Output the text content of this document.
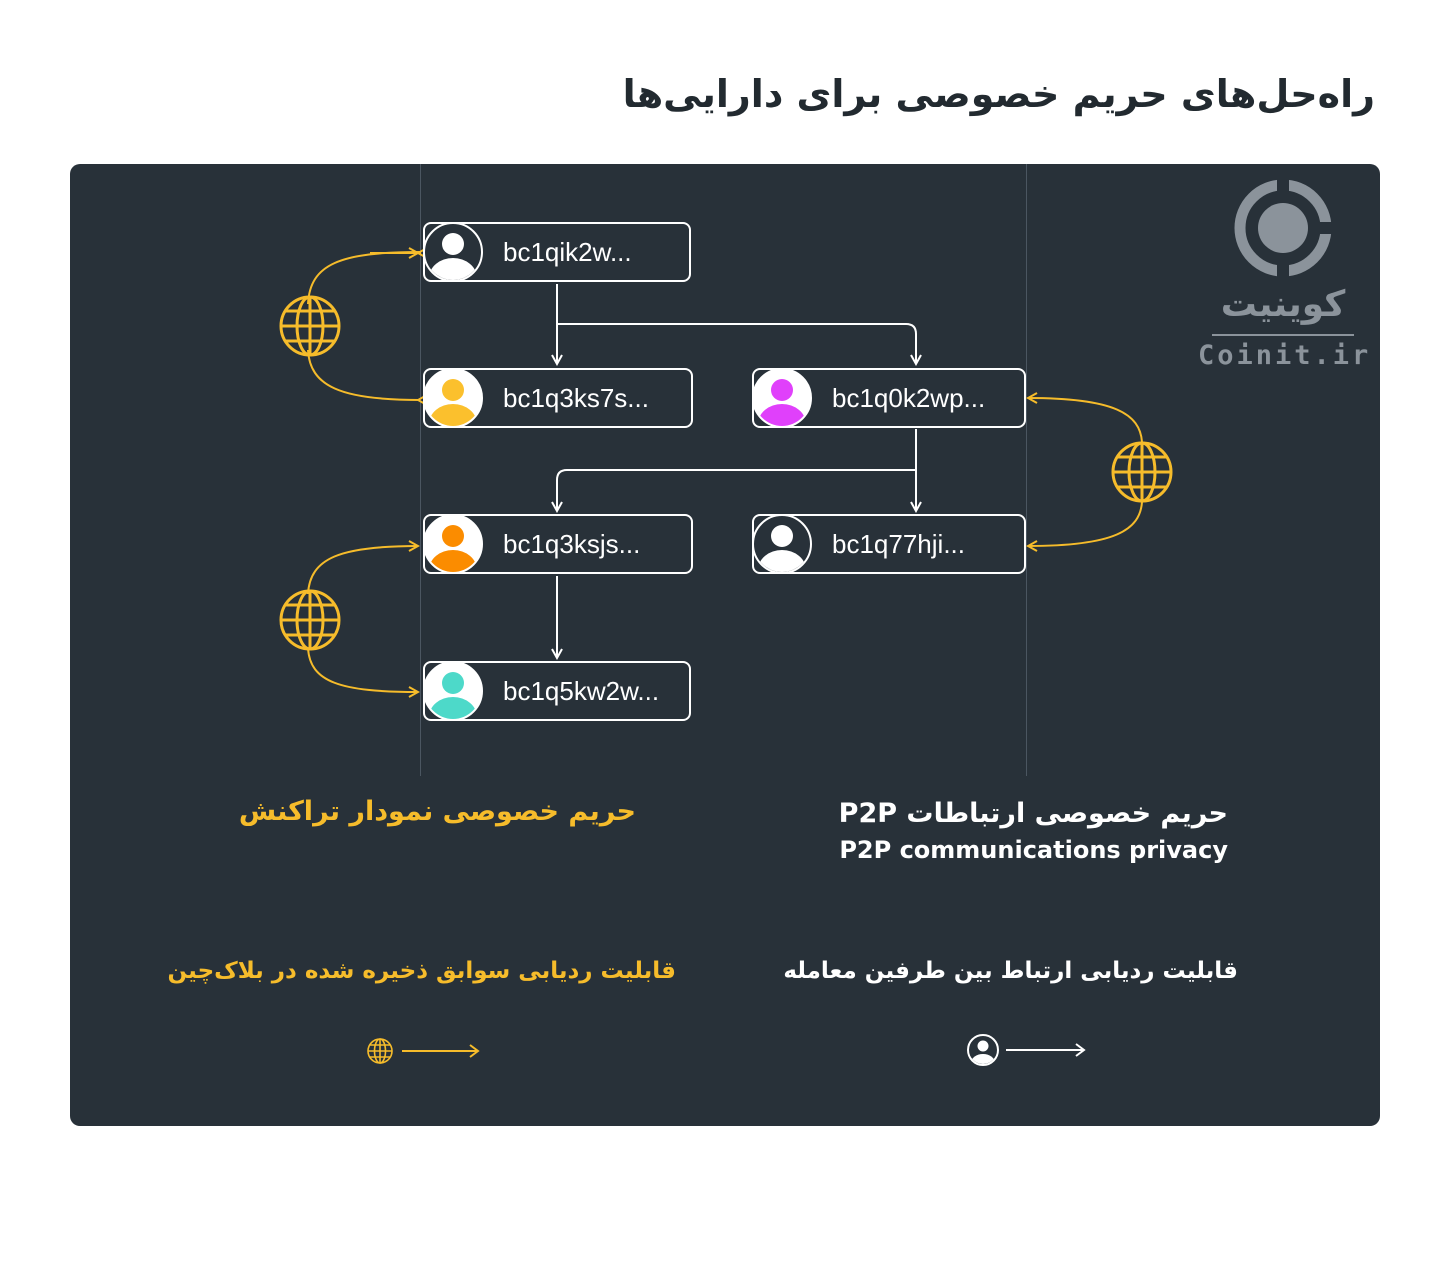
راه‌حل‌های حریم خصوصی برای دارایی‌ها
bc1qik2w...
bc1q3ks7s...	bc1q0k2wp...
bc1q3ksjs...	bc1q77hji...
bc1q5kw2w...
کوینیت
Coinit.ir
حریم خصوصی نمودار تراکنش	حریم خصوصی ارتباطات P2P
P2P communications privacy
قابلیت ردیابی سوابق ذخیره شده در بلاک‌چین	قابلیت ردیابی ارتباط بین طرفین معامله
